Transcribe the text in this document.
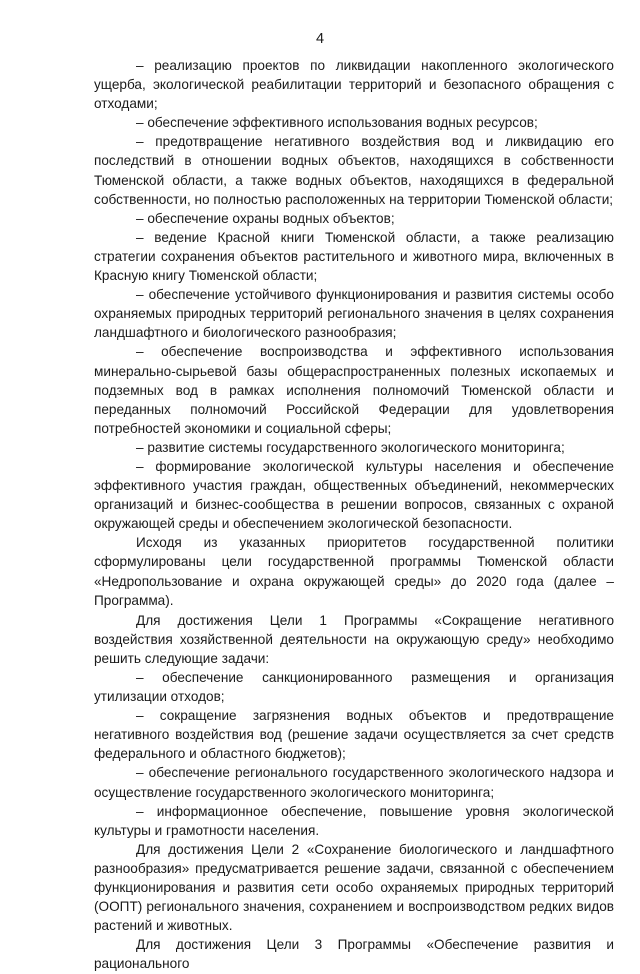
4

– реализацию проектов по ликвидации накопленного экологического ущерба, экологической реабилитации территорий и безопасного обращения с отходами;

– обеспечение эффективного использования водных ресурсов;

– предотвращение негативного воздействия вод и ликвидацию его последствий в отношении водных объектов, находящихся в собственности Тюменской области, а также водных объектов, находящихся в федеральной собственности, но полностью расположенных на территории Тюменской области;

– обеспечение охраны водных объектов;

– ведение Красной книги Тюменской области, а также реализацию стратегии сохранения объектов растительного и животного мира, включенных в Красную книгу Тюменской области;

– обеспечение устойчивого функционирования и развития системы особо охраняемых природных территорий регионального значения в целях сохранения ландшафтного и биологического разнообразия;

– обеспечение воспроизводства и эффективного использования минерально-сырьевой базы общераспространенных полезных ископаемых и подземных вод в рамках исполнения полномочий Тюменской области и переданных полномочий Российской Федерации для удовлетворения потребностей экономики и социальной сферы;

– развитие системы государственного экологического мониторинга;

– формирование экологической культуры населения и обеспечение эффективного участия граждан, общественных объединений, некоммерческих организаций и бизнес-сообщества в решении вопросов, связанных с охраной окружающей среды и обеспечением экологической безопасности.

Исходя из указанных приоритетов государственной политики сформулированы цели государственной программы Тюменской области «Недропользование и охрана окружающей среды» до 2020 года (далее – Программа).

Для достижения Цели 1 Программы «Сокращение негативного воздействия хозяйственной деятельности на окружающую среду» необходимо решить следующие задачи:

– обеспечение санкционированного размещения и организация утилизации отходов;

– сокращение загрязнения водных объектов и предотвращение негативного воздействия вод (решение задачи осуществляется за счет средств федерального и областного бюджетов);

– обеспечение регионального государственного экологического надзора и осуществление государственного экологического мониторинга;

– информационное обеспечение, повышение уровня экологической культуры и грамотности населения.

Для достижения Цели 2 «Сохранение биологического и ландшафтного разнообразия» предусматривается решение задачи, связанной с обеспечением функционирования и развития сети особо охраняемых природных территорий (ООПТ) регионального значения, сохранением и воспроизводством редких видов растений и животных.

Для достижения Цели 3 Программы «Обеспечение развития и рационального
